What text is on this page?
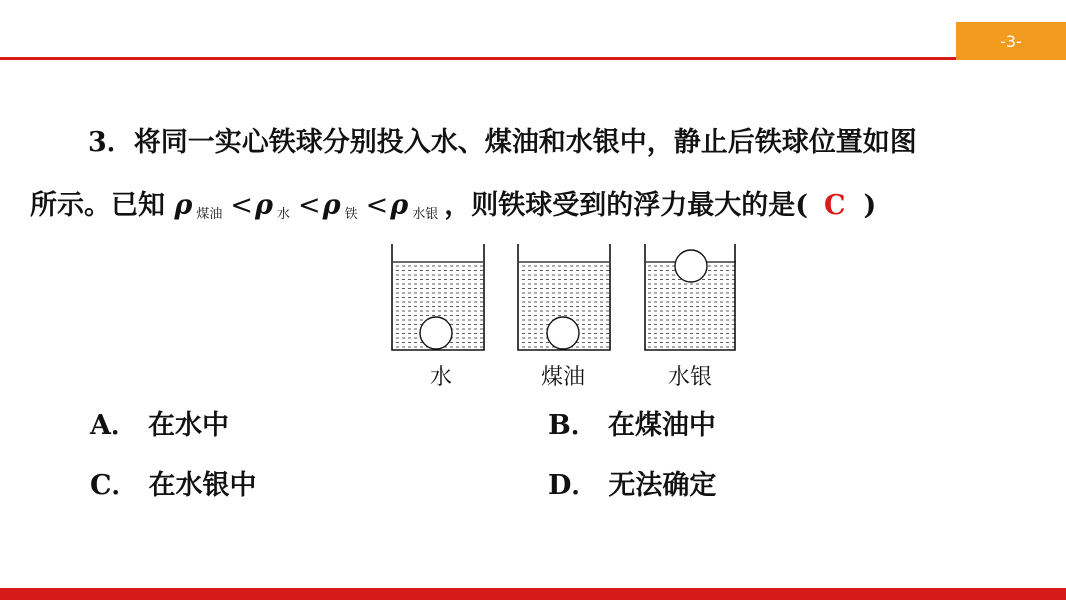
-3-
3．将同一实心铁球分别投入水、煤油和水银中，静止后铁球位置如图
所示。已知 ρ $_{煤油}$ <ρ $_水$ <ρ $_铁$ <ρ $_{水银}$ ，则铁球受到的浮力最大的是( C )
水	煤油	水银
A． 在水中	B． 在煤油中
C． 在水银中	D． 无法确定
